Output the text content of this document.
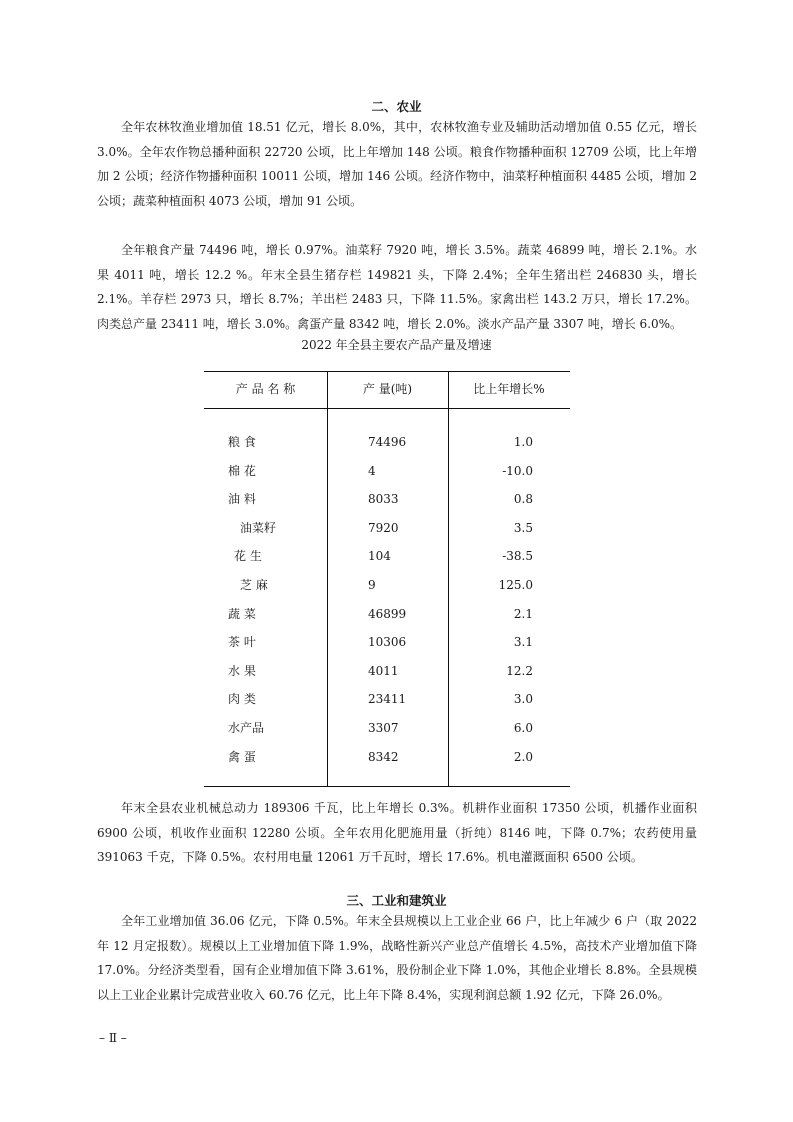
二、农业

全年农林牧渔业增加值 18.51 亿元，增长 8.0%，其中，农林牧渔专业及辅助活动增加值 0.55 亿元，增长 3.0%。全年农作物总播种面积 22720 公顷，比上年增加 148 公顷。粮食作物播种面积 12709 公顷，比上年增加 2 公顷；经济作物播种面积 10011 公顷，增加 146 公顷。经济作物中，油菜籽种植面积 4485 公顷，增加 2 公顷；蔬菜种植面积 4073 公顷，增加 91 公顷。

全年粮食产量 74496 吨，增长 0.97%。油菜籽 7920 吨，增长 3.5%。蔬菜 46899 吨，增长 2.1%。水果 4011 吨，增长 12.2 %。年末全县生猪存栏 149821 头，下降 2.4%；全年生猪出栏 246830 头，增长 2.1%。羊存栏 2973 只，增长 8.7%；羊出栏 2483 只，下降 11.5%。家禽出栏 143.2 万只，增长 17.2%。肉类总产量 23411 吨，增长 3.0%。禽蛋产量 8342 吨，增长 2.0%。淡水产品产量 3307 吨，增长 6.0%。

2022 年全县主要农产品产量及增速
产 品 名 称	产 量(吨)	比上年增长%
粮 食	74496	1.0
棉 花	4	-10.0
油 料	8033	0.8
油菜籽	7920	3.5
花 生	104	-38.5
芝 麻	9	125.0
蔬 菜	46899	2.1
茶 叶	10306	3.1
水 果	4011	12.2
肉 类	23411	3.0
水产品	3307	6.0
禽 蛋	8342	2.0

年末全县农业机械总动力 189306 千瓦，比上年增长 0.3%。机耕作业面积 17350 公顷，机播作业面积 6900 公顷，机收作业面积 12280 公顷。全年农用化肥施用量（折纯）8146 吨，下降 0.7%；农药使用量 391063 千克，下降 0.5%。农村用电量 12061 万千瓦时，增长 17.6%。机电灌溉面积 6500 公顷。

三、工业和建筑业

全年工业增加值 36.06 亿元，下降 0.5%。年末全县规模以上工业企业 66 户，比上年减少 6 户（取 2022 年 12 月定报数）。规模以上工业增加值下降 1.9%，战略性新兴产业总产值增长 4.5%，高技术产业增加值下降 17.0%。分经济类型看，国有企业增加值下降 3.61%，股份制企业下降 1.0%，其他企业增长 8.8%。全县规模以上工业企业累计完成营业收入 60.76 亿元，比上年下降 8.4%，实现利润总额 1.92 亿元，下降 26.0%。

– Ⅱ –
